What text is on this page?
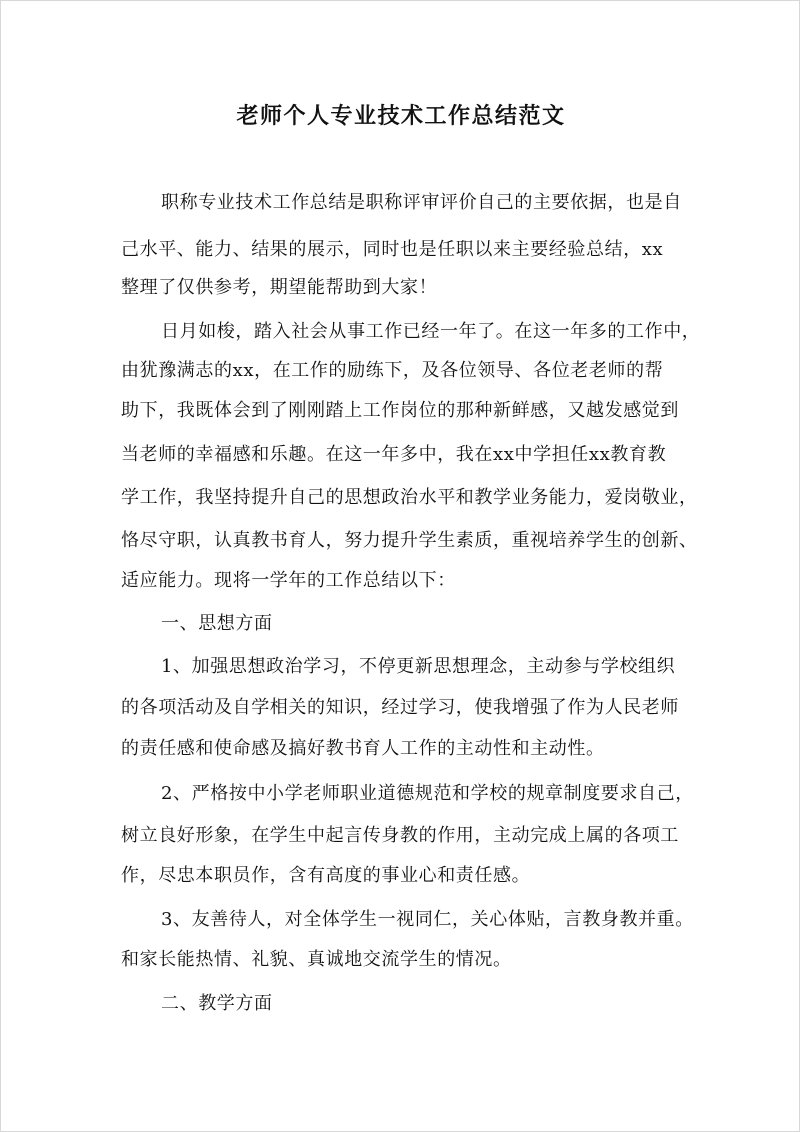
老师个人专业技术工作总结范文
职称专业技术工作总结是职称评审评价自己的主要依据，也是自
己水平、能力、结果的展示，同时也是任职以来主要经验总结，xx
整理了仅供参考，期望能帮助到大家！
日月如梭，踏入社会从事工作已经一年了。在这一年多的工作中，
由犹豫满志的xx，在工作的励练下，及各位领导、各位老老师的帮
助下，我既体会到了刚刚踏上工作岗位的那种新鲜感，又越发感觉到
当老师的幸福感和乐趣。在这一年多中，我在xx中学担任xx教育教
学工作，我坚持提升自己的思想政治水平和教学业务能力，爱岗敬业，
恪尽守职，认真教书育人，努力提升学生素质，重视培养学生的创新、
适应能力。现将一学年的工作总结以下：
一、思想方面
1、加强思想政治学习，不停更新思想理念，主动参与学校组织
的各项活动及自学相关的知识，经过学习，使我增强了作为人民老师
的责任感和使命感及搞好教书育人工作的主动性和主动性。
2、严格按中小学老师职业道德规范和学校的规章制度要求自己，
树立良好形象，在学生中起言传身教的作用，主动完成上属的各项工
作，尽忠本职员作，含有高度的事业心和责任感。
3、友善待人，对全体学生一视同仁，关心体贴，言教身教并重。
和家长能热情、礼貌、真诚地交流学生的情况。
二、教学方面
